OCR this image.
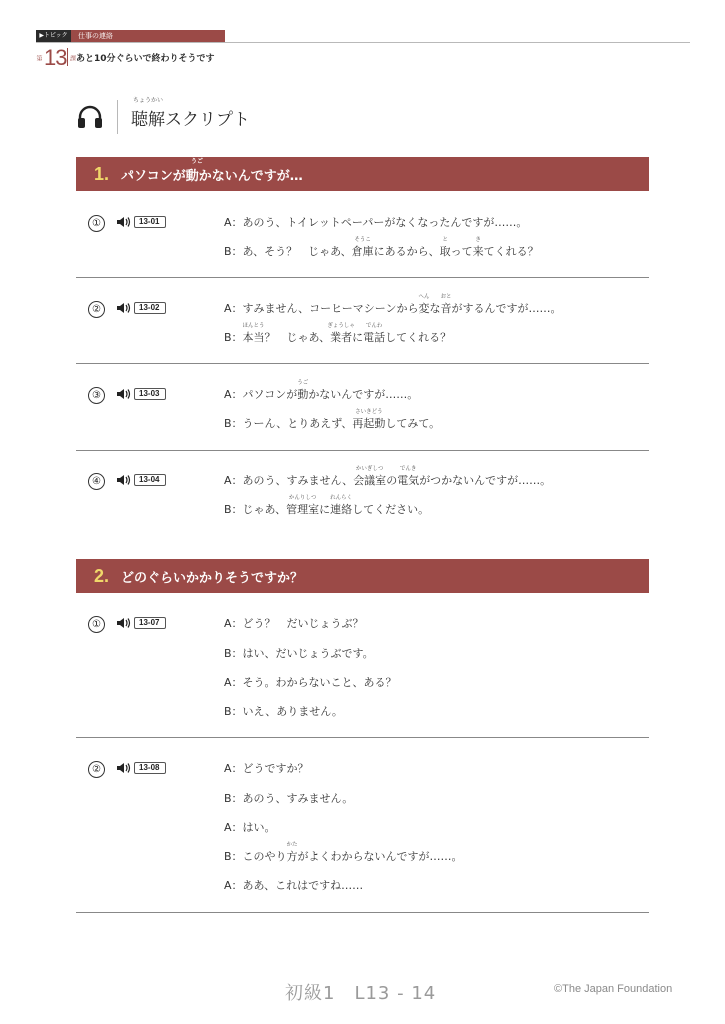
▶トピック	仕事の連絡
第 13 課 あと10分ぐらいで終わりそうです
ちょうかい
聴解スクリプト
1.
うご
パソコンが動かないんですが…
①	13-01	A：あのう、トイレットペーパーがなくなったんですが……。
B：あ、そう？　じゃあ、
そうこ
倉庫にあるから、
と
取って
き
来てくれる？
②	13-02	A：すみません、コーヒーマシーンから
へん
変な
おと
音がするんですが……。
B：
ほんとう
本当？　じゃあ、
ぎょうしゃ
業者に
でんわ
電話してくれる？
③	13-03	A：パソコンが
うご
動かないんですが……。
B：うーん、とりあえず、
さいきどう
再起動してみて。
④	13-04	A：あのう、すみません、
かいぎしつ
会議室の
でんき
電気がつかないんですが……。
B：じゃあ、
かんりしつ
管理室に
れんらく
連絡してください。
2. どのぐらいかかりそうですか？
①	13-07	A：どう？　だいじょうぶ？
B：はい、だいじょうぶです。
A：そう。わからないこと、ある？
B：いえ、ありません。
②	13-08	A：どうですか？
B：あのう、すみません。
A：はい。
B：このやり
かた
方がよくわからないんですが……。
A：ああ、これはですね……
初級1　L13 - 14	©The Japan Foundation
